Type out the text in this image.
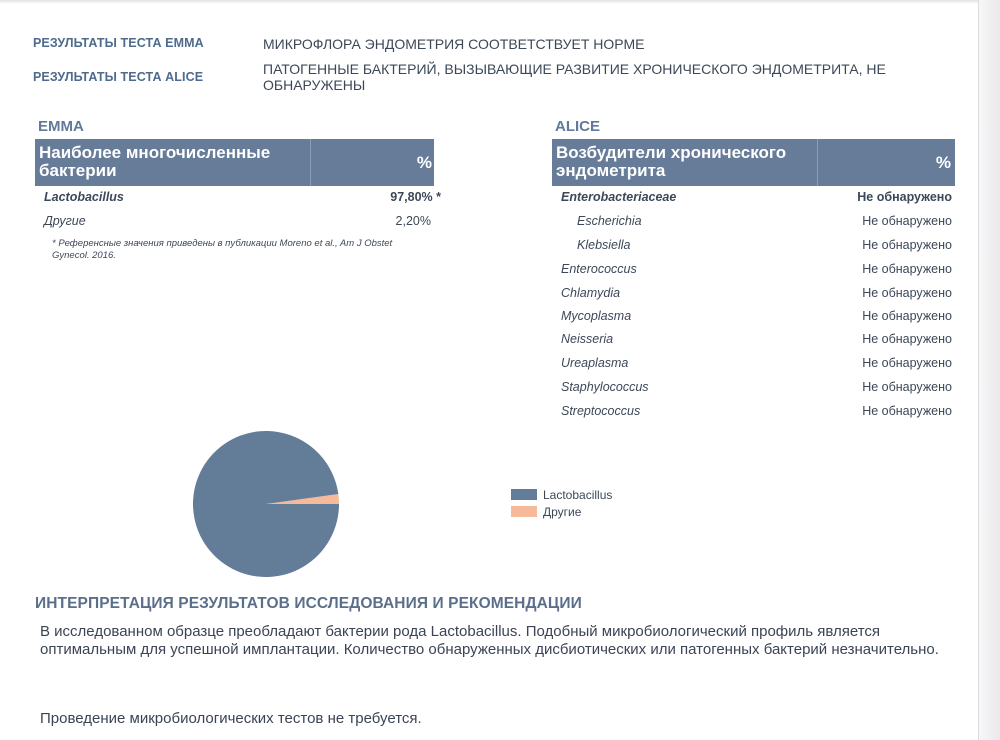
РЕЗУЛЬТАТЫ ТЕСТА EMMA	МИКРОФЛОРА ЭНДОМЕТРИЯ СООТВЕТСТВУЕТ НОРМЕ
РЕЗУЛЬТАТЫ ТЕСТА ALICE	ПАТОГЕННЫЕ БАКТЕРИЙ, ВЫЗЫВАЮЩИЕ РАЗВИТИЕ ХРОНИЧЕСКОГО ЭНДОМЕТРИТА, НЕ ОБНАРУЖЕНЫ
EMMA
Наиболее многочисленные бактерии	%
Lactobacillus	97,80% *
Другие	2,20%
* Референсные значения приведены в публикации Moreno et al., Am J Obstet Gynecol. 2016.
ALICE
Возбудители хронического эндометрита	%
Enterobacteriaceae	Не обнаружено
Escherichia	Не обнаружено
Klebsiella	Не обнаружено
Enterococcus	Не обнаружено
Chlamydia	Не обнаружено
Mycoplasma	Не обнаружено
Neisseria	Не обнаружено
Ureaplasma	Не обнаружено
Staphylococcus	Не обнаружено
Streptococcus	Не обнаружено
Lactobacillus
Другие
ИНТЕРПРЕТАЦИЯ РЕЗУЛЬТАТОВ ИССЛЕДОВАНИЯ И РЕКОМЕНДАЦИИ
В исследованном образце преобладают бактерии рода Lactobacillus. Подобный микробиологический профиль является оптимальным для успешной имплантации. Количество обнаруженных дисбиотических или патогенных бактерий незначительно.
Проведение микробиологических тестов не требуется.
